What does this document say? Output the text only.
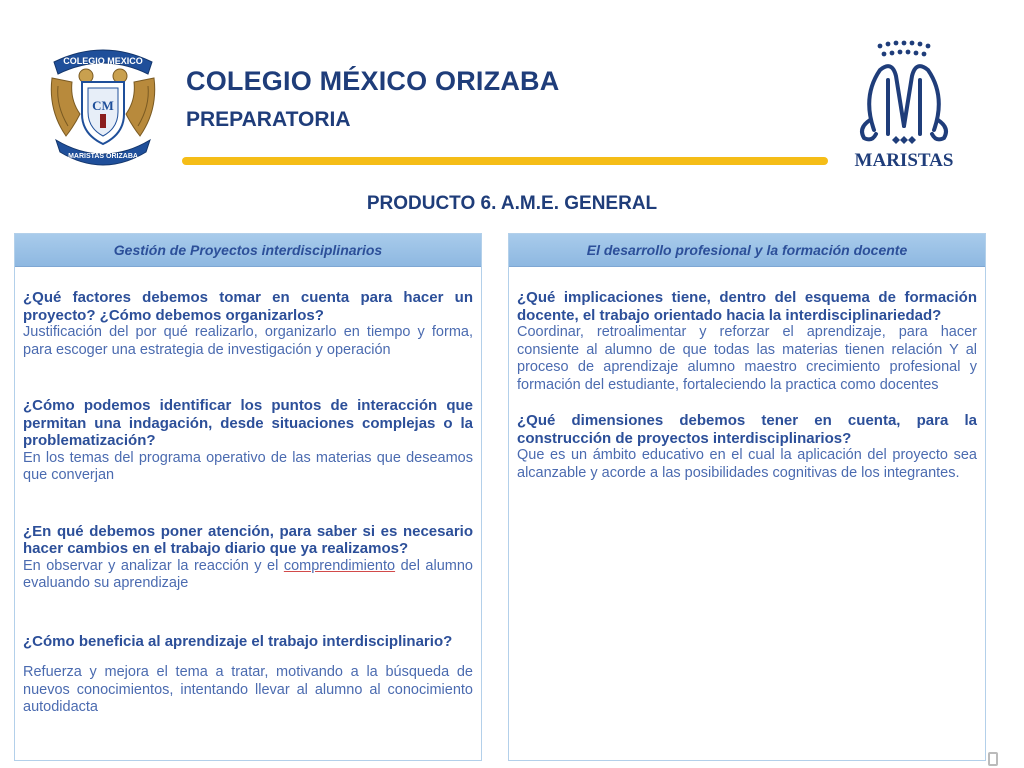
COLEGIO MEXICO
CM
MARISTAS ORIZABA
COLEGIO MÉXICO ORIZABA
PREPARATORIA
MARISTAS
PRODUCTO 6. A.M.E. GENERAL
Gestión de Proyectos interdisciplinarios

¿Qué factores debemos tomar en cuenta para hacer un proyecto? ¿Cómo debemos organizarlos?

Justificación del por qué realizarlo, organizarlo en tiempo y forma, para escoger una estrategia de investigación y operación

¿Cómo podemos identificar los puntos de interacción que permitan una indagación, desde situaciones complejas o la problematización?

En los temas del programa operativo de las materias que deseamos que converjan

¿En qué debemos poner atención, para saber si es necesario hacer cambios en el trabajo diario que ya realizamos?

En observar y analizar la reacción y el comprendimiento del alumno evaluando su aprendizaje

¿Cómo beneficia al aprendizaje el trabajo interdisciplinario?

Refuerza y mejora el tema a tratar, motivando a la búsqueda de nuevos conocimientos, intentando llevar al alumno al conocimiento autodidacta

El desarrollo profesional y la formación docente

¿Qué implicaciones tiene, dentro del esquema de formación docente, el trabajo orientado hacia la interdisciplinariedad?

Coordinar, retroalimentar y reforzar el aprendizaje, para hacer consiente al alumno de que todas las materias tienen relación Y al proceso de aprendizaje alumno maestro crecimiento profesional y formación del estudiante, fortaleciendo la practica como docentes

¿Qué dimensiones debemos tener en cuenta, para la construcción de proyectos interdisciplinarios?

Que es un ámbito educativo en el cual la aplicación del proyecto sea alcanzable y acorde a las posibilidades cognitivas de los integrantes.
